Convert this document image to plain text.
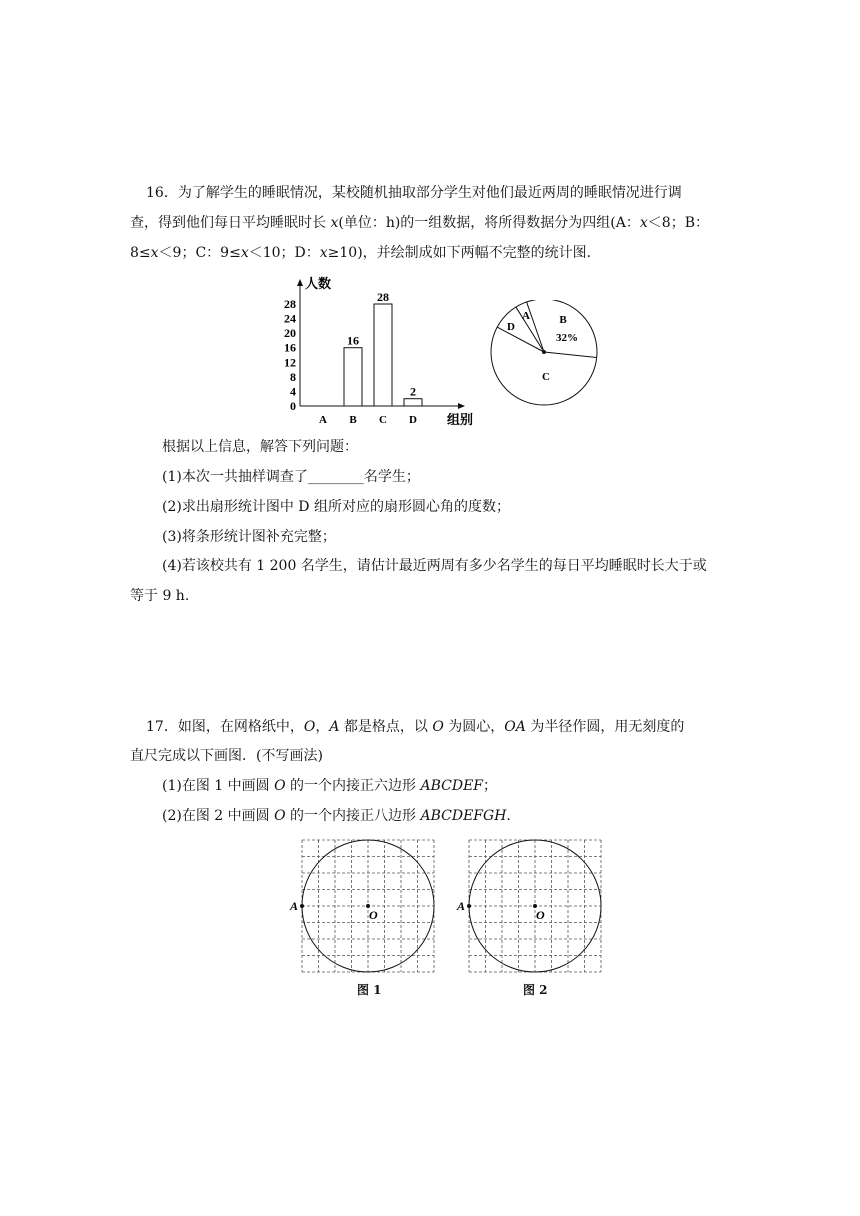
16．为了解学生的睡眠情况，某校随机抽取部分学生对他们最近两周的睡眠情况进行调
查，得到他们每日平均睡眠时长 x(单位：h)的一组数据，将所得数据分为四组(A：x＜8；B：
8≤x＜9；C：9≤x＜10；D：x≥10)，并绘制成如下两幅不完整的统计图．
人数
组别
0
4
8
12
16
20
24
28
A B
16
C
28
D
2
B
32%
A
D
C
根据以上信息，解答下列问题：
(1)本次一共抽样调查了________名学生；
(2)求出扇形统计图中 D 组所对应的扇形圆心角的度数；
(3)将条形统计图补充完整；
(4)若该校共有 1 200 名学生，请估计最近两周有多少名学生的每日平均睡眠时长大于或
等于 9 h.
17．如图，在网格纸中，O，A 都是格点，以 O 为圆心，OA 为半径作圆，用无刻度的
直尺完成以下画图．(不写画法)
(1)在图 1 中画圆 O 的一个内接正六边形 ABCDEF；
(2)在图 2 中画圆 O 的一个内接正八边形 ABCDEFGH.
A
O
图 1
A
O
图 2
